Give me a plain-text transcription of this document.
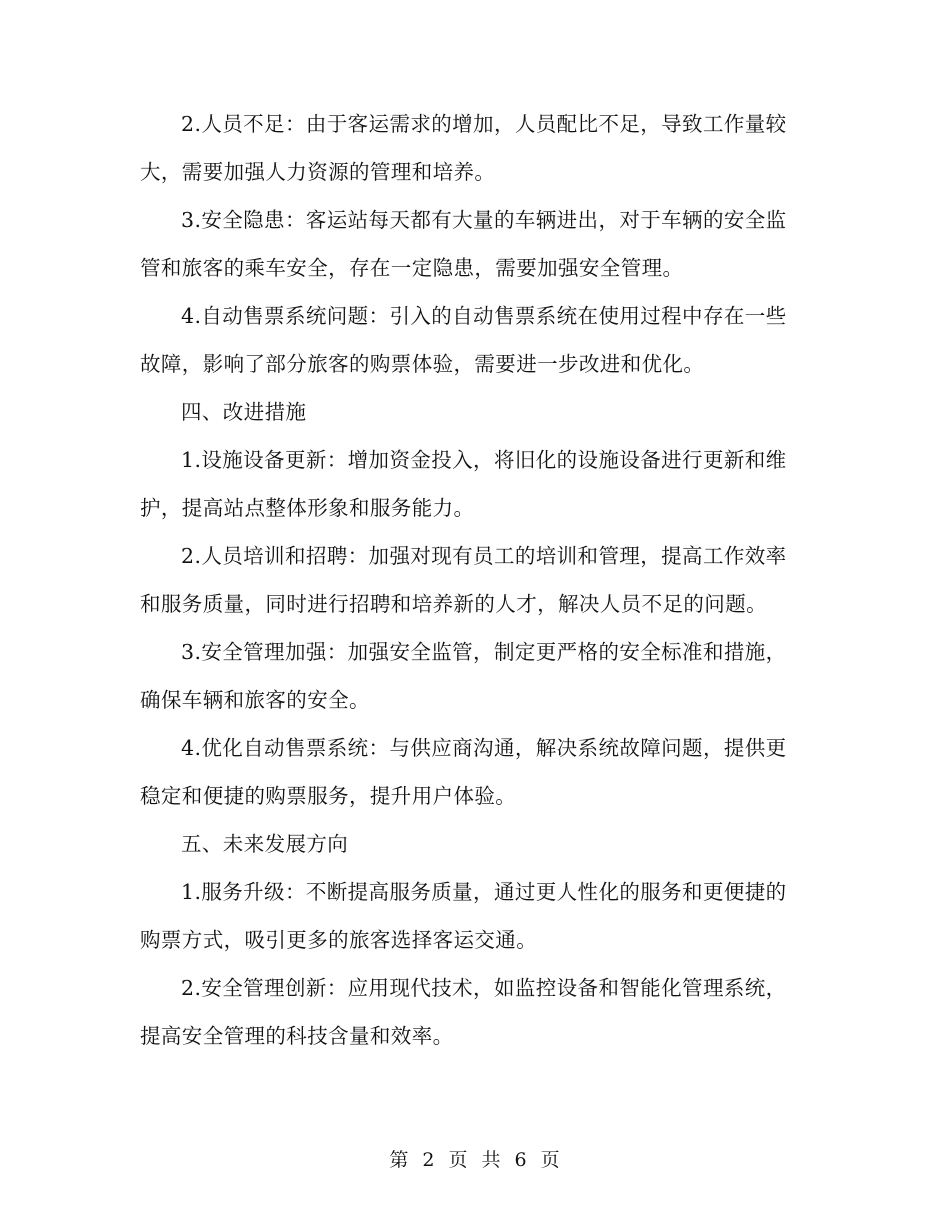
2.人员不足：由于客运需求的增加，人员配比不足，导致工作量较大，需要加强人力资源的管理和培养。

3.安全隐患：客运站每天都有大量的车辆进出，对于车辆的安全监管和旅客的乘车安全，存在一定隐患，需要加强安全管理。

4.自动售票系统问题：引入的自动售票系统在使用过程中存在一些故障，影响了部分旅客的购票体验，需要进一步改进和优化。

四、改进措施

1.设施设备更新：增加资金投入，将旧化的设施设备进行更新和维护，提高站点整体形象和服务能力。

2.人员培训和招聘：加强对现有员工的培训和管理，提高工作效率和服务质量，同时进行招聘和培养新的人才，解决人员不足的问题。

3.安全管理加强：加强安全监管，制定更严格的安全标准和措施，确保车辆和旅客的安全。

4.优化自动售票系统：与供应商沟通，解决系统故障问题，提供更稳定和便捷的购票服务，提升用户体验。

五、未来发展方向

1.服务升级：不断提高服务质量，通过更人性化的服务和更便捷的购票方式，吸引更多的旅客选择客运交通。

2.安全管理创新：应用现代技术，如监控设备和智能化管理系统，提高安全管理的科技含量和效率。

第 2 页 共 6 页
